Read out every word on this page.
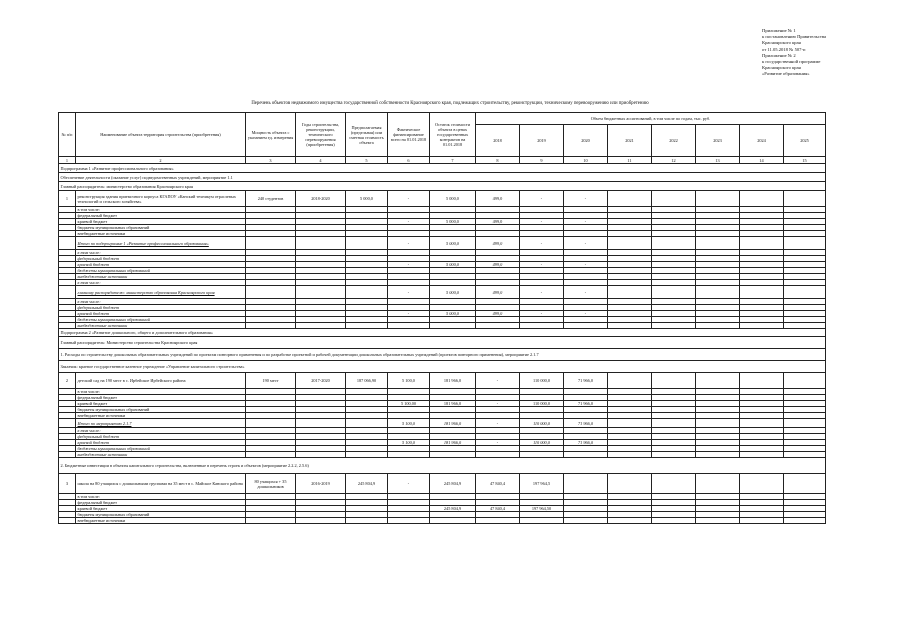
Приложение № 1
к постановлению Правительства
Красноярского края
от 11.05.2018 № 507-п
Приложение № 2
к государственной программе
Красноярского края
«Развитие образования»
Перечень объектов недвижимого имущества государственной собственности Красноярского края, подлежащих строительству, реконструкции, техническому перевооружению или приобретению
№ п/п	Наименование объекта территория строительства (приобретения)	Мощность объекта с указанием ед. измерения	Годы строительства, реконструкции, технического перевооружения (приобретения)	Предполагаемая (предельная) или сметная стоимость объекта	Фактическое финансирование всего на 01.01.2018	Остаток стоимости объекта в ценах государственных контрактов на 01.01.2018	Объем бюджетных ассигнований, в том числе по годам, тыс. руб.							
							2018	2019	2020	2021	2022	2023	2024	2025
1	2	3	4	5	6	7	8	9	10	11	12	13	14	15
Подпрограмма 1 «Развитие профессионального образования»														
Обеспечение деятельности (оказание услуг) подведомственных учреждений, мероприятие 1.1														
Главный распорядитель: министерство образования Красноярского края														
1	реконструкция здания приемочного корпуса КГАПОУ «Канский техникум отраслевых технологий и сельского хозяйства»	240 студентов	2018-2020	5 000,0	-	5 000,0	499,0	-	-					
	в том числе:													
	федеральный бюджет													
	краевой бюджет				-	5 000,0	499,0	-	-					
	бюджеты муниципальных образований													
	внебюджетные источники													
	Итого по подпрограмме 1 «Развитие профессионального образования»				-	5 000,0	499,0	-	-					
	в том числе:													
	федеральный бюджет													
	краевой бюджет				-	5 000,0	499,0	-	-					
	бюджеты муниципальных образований													
	внебюджетные источники													
	в том числе:													
	главному распорядителю: министерство образования Красноярского края				-	5 000,0	499,0	-	-					
	в том числе:													
	федеральный бюджет													
	краевой бюджет				-	5 000,0	499,0	-	-					
	бюджеты муниципальных образований													
	внебюджетные источники													
Подпрограмма 2 «Развитие дошкольного, общего и дополнительного образования»														
Главный распорядитель: Министерство строительства Красноярского края														
1. Расходы по строительству дошкольных образовательных учреждений по проектам повторного применения и по разработке проектной и рабочей документации дошкольных образовательных учреждений (проектов повторного применения), мероприятие 2.1.7														
Заказчик: краевое государственное казенное учреждение «Управление капитального строительства»														
2	детский сад на 190 мест в с. Ирбейское Ирбейского района	190 мест	2017-2020	187 066,90	5 100,0	181 966,0	-	110 000,0	71 966,0					
	в том числе:													
	федеральный бюджет													
	краевой бюджет				5 100,00	181 966,0	-	110 000,0	71 966,0					
	бюджеты муниципальных образований													
	внебюджетные источники													
	Итого по мероприятию 2.1.7				5 100,0	181 966,0	-	110 000,0	71 966,0					
	в том числе:													
	федеральный бюджет													
	краевой бюджет				5 100,0	181 966,0	-	110 000,0	71 966,0					
	бюджеты муниципальных образований													
	внебюджетные источники													
2. Бюджетные инвестиции в объекты капитального строительства, включенные в перечень строек и объектов (мероприятие 2.2.2, 2.5.6)														
3	школа на 80 учащихся с дошкольными группами на 35 мест в с. Майское Канского района	80 учащихся + 35 дошкольников	2016-2019	245 804,9	-	245 804,9	47 840,4	197 964,5						
	в том числе:													
	федеральный бюджет													
	краевой бюджет					245 804,9	47 840,4	197 964,50						
	бюджеты муниципальных образований													
	внебюджетные источники													
